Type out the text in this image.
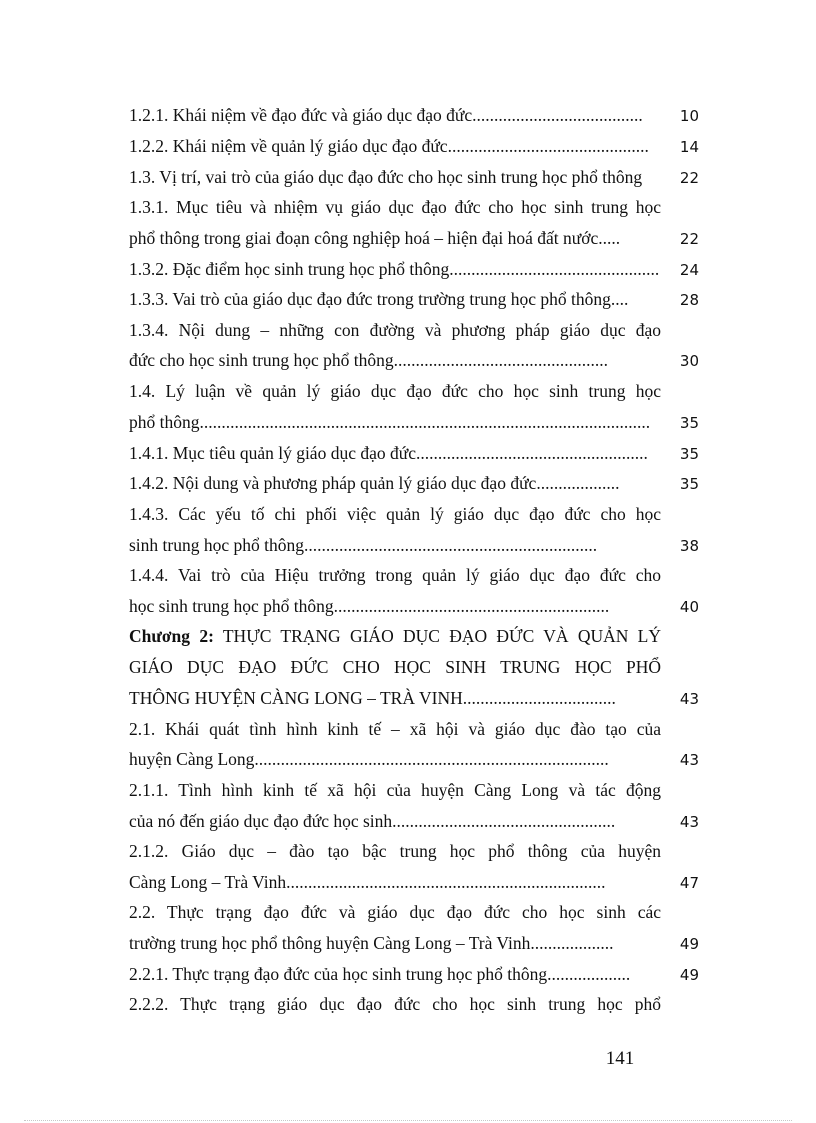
1.2.1. Khái niệm về đạo đức và giáo dục đạo đức.......................................	10
1.2.2. Khái niệm về quản lý giáo dục đạo đức..............................................	14
1.3. Vị trí, vai trò của giáo dục đạo đức cho học sinh trung học phổ thông	22
1.3.1. Mục tiêu và nhiệm vụ giáo dục đạo đức cho học sinh trung học
phổ thông trong giai đoạn công nghiệp hoá – hiện đại hoá đất nước.....	22
1.3.2. Đặc điểm học sinh trung học phổ thông................................................	24
1.3.3. Vai trò của giáo dục đạo đức trong trường trung học phổ thông....	28
1.3.4. Nội dung – những con đường và phương pháp giáo dục đạo
đức cho học sinh trung học phổ thông.................................................	30
1.4. Lý luận về quản lý giáo dục đạo đức cho học sinh trung học
phổ thông.......................................................................................................	35
1.4.1. Mục tiêu quản lý giáo dục đạo đức.....................................................	35
1.4.2. Nội dung và phương pháp quản lý giáo dục đạo đức...................	35
1.4.3. Các yếu tố chi phối việc quản lý giáo dục đạo đức cho học
sinh trung học phổ thông...................................................................	38
1.4.4. Vai trò của Hiệu trưởng trong quản lý giáo dục đạo đức cho
học sinh trung học phổ thông...............................................................	40
Chương 2: THỰC TRẠNG GIÁO DỤC ĐẠO ĐỨC VÀ QUẢN LÝ
GIÁO DỤC ĐẠO ĐỨC CHO HỌC SINH TRUNG HỌC PHỔ
THÔNG HUYỆN CÀNG LONG – TRÀ VINH...................................	43
2.1. Khái quát tình hình kinh tế – xã hội và giáo dục đào tạo của
huyện Càng Long.................................................................................	43
2.1.1. Tình hình kinh tế xã hội của huyện Càng Long và tác động
của nó đến giáo dục đạo đức học sinh...................................................	43
2.1.2. Giáo dục – đào tạo bậc trung học phổ thông của huyện
Càng Long – Trà Vinh.........................................................................	47
2.2. Thực trạng đạo đức và giáo dục đạo đức cho học sinh các
trường trung học phổ thông huyện Càng Long – Trà Vinh...................	49
2.2.1. Thực trạng đạo đức của học sinh trung học phổ thông...................	49
2.2.2. Thực trạng giáo dục đạo đức cho học sinh trung học phổ
141
